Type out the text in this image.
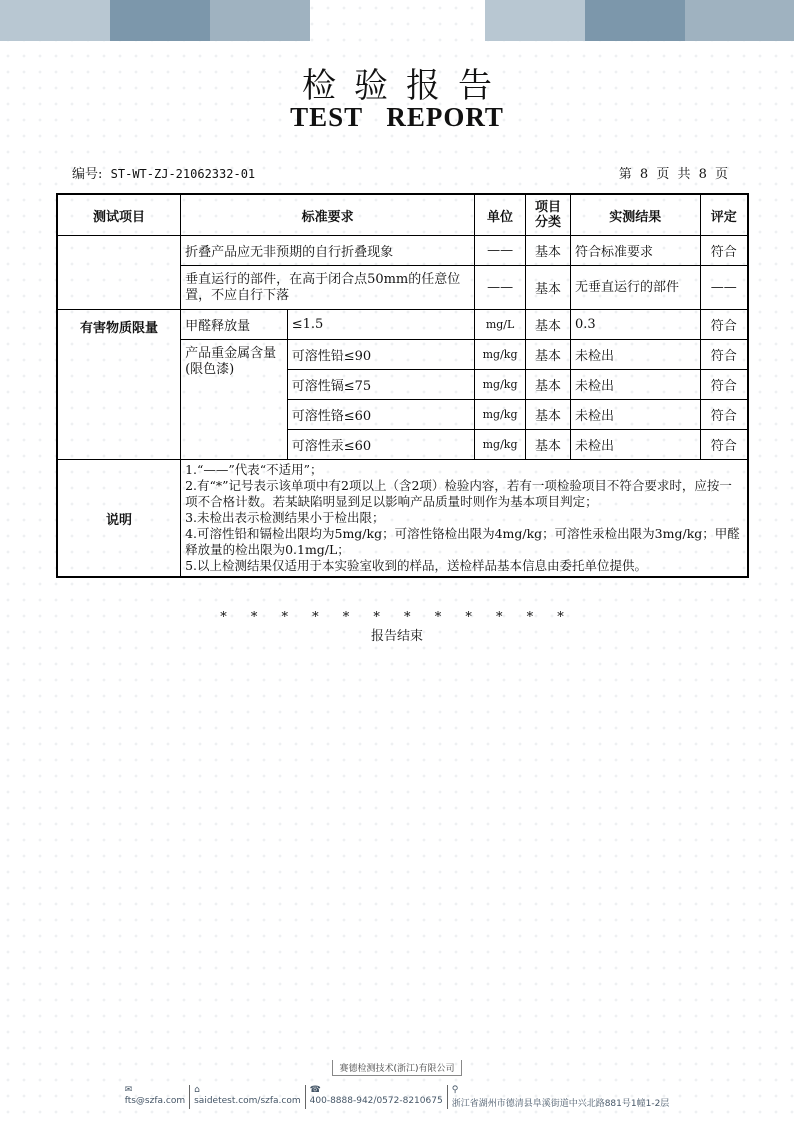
检验报告
TEST REPORT
编号: ST-WT-ZJ-21062332-01	第 8 页 共 8 页
测试项目	标准要求		单位	项目分类	实测结果	评定
	折叠产品应无非预期的自行折叠现象		——	基本	符合标准要求	符合
	垂直运行的部件，在高于闭合点50mm的任意位置，不应自行下落		——	基本	无垂直运行的部件	——
有害物质限量	甲醛释放量	≤1.5	mg/L	基本	0.3	符合
	产品重金属含量(限色漆)	可溶性铅≤90	mg/kg	基本	未检出	符合
		可溶性镉≤75	mg/kg	基本	未检出	符合
		可溶性铬≤60	mg/kg	基本	未检出	符合
		可溶性汞≤60	mg/kg	基本	未检出	符合
说明	1.“——”代表“不适用”；
2.有“*”记号表示该单项中有2项以上（含2项）检验内容，若有一项检验项目不符合要求时，应按一项不合格计数。若某缺陷明显到足以影响产品质量时则作为基本项目判定；
3.未检出表示检测结果小于检出限；
4.可溶性铅和镉检出限均为5mg/kg；可溶性铬检出限为4mg/kg；可溶性汞检出限为3mg/kg；甲醛释放量的检出限为0.1mg/L；
5.以上检测结果仅适用于本实验室收到的样品，送检样品基本信息由委托单位提供。					
* * * * * * * * * * * *
报告结束
赛德检测技术(浙江)有限公司
✉
fts@szfa.com
⌂
saidetest.com/szfa.com
☎
400-8888-942/0572-8210675
⚲
浙江省湖州市德清县阜溪街道中兴北路881号1幢1-2层
